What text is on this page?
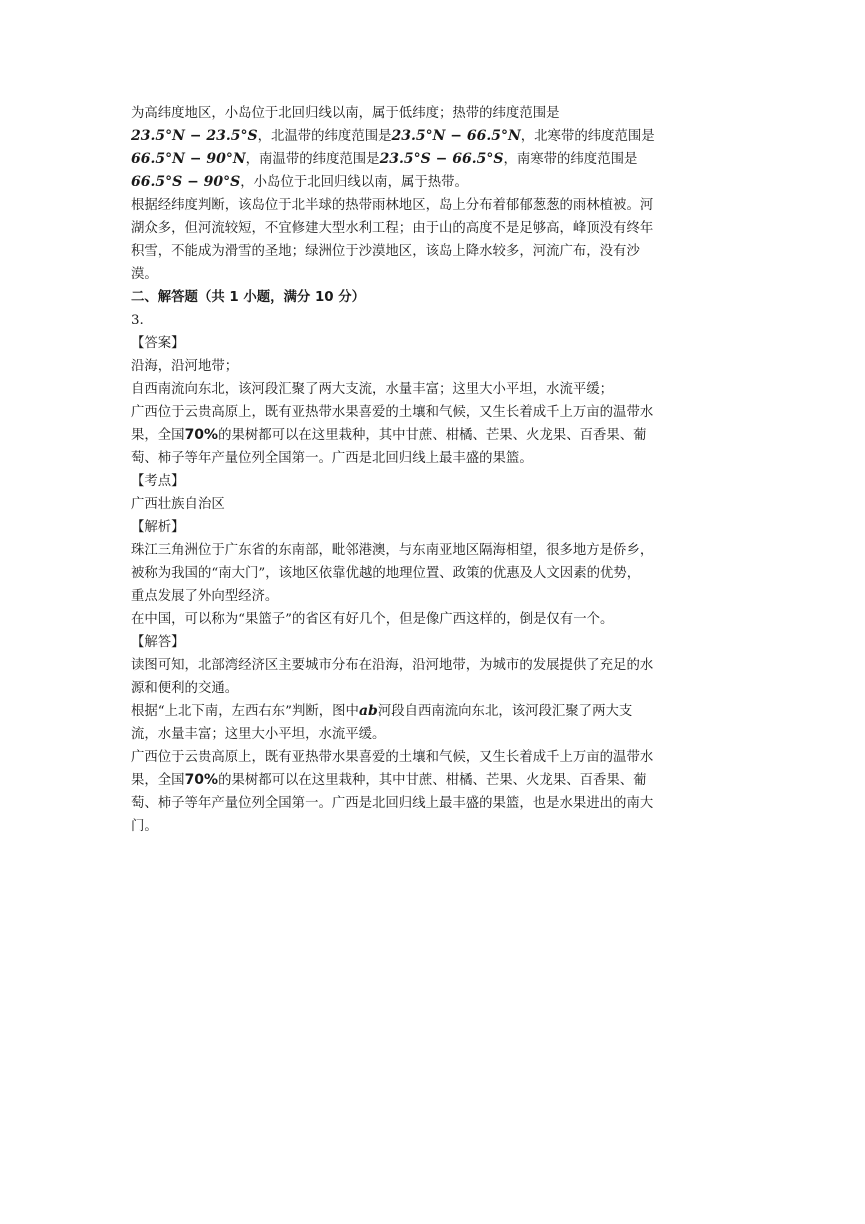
为高纬度地区，小岛位于北回归线以南，属于低纬度；热带的纬度范围是
23.5°N − 23.5°S，北温带的纬度范围是23.5°N − 66.5°N，北寒带的纬度范围是
66.5°N − 90°N，南温带的纬度范围是23.5°S − 66.5°S，南寒带的纬度范围是
66.5°S − 90°S，小岛位于北回归线以南，属于热带。
根据经纬度判断，该岛位于北半球的热带雨林地区，岛上分布着郁郁葱葱的雨林植被。河
湖众多，但河流较短，不宜修建大型水利工程；由于山的高度不是足够高，峰顶没有终年
积雪，不能成为滑雪的圣地；绿洲位于沙漠地区，该岛上降水较多，河流广布，没有沙
漠。
二、解答题（共 1 小题，满分 10 分）
3.
【答案】
沿海，沿河地带；
自西南流向东北，该河段汇聚了两大支流，水量丰富；这里大小平坦，水流平缓；
广西位于云贵高原上，既有亚热带水果喜爱的土壤和气候，又生长着成千上万亩的温带水
果，全国70%的果树都可以在这里栽种，其中甘蔗、柑橘、芒果、火龙果、百香果、葡
萄、柿子等年产量位列全国第一。广西是北回归线上最丰盛的果篮。
【考点】
广西壮族自治区
【解析】
珠江三角洲位于广东省的东南部，毗邻港澳，与东南亚地区隔海相望，很多地方是侨乡，
被称为我国的“南大门”，该地区依靠优越的地理位置、政策的优惠及人文因素的优势，
重点发展了外向型经济。
在中国，可以称为“果篮子”的省区有好几个，但是像广西这样的，倒是仅有一个。
【解答】
读图可知，北部湾经济区主要城市分布在沿海，沿河地带，为城市的发展提供了充足的水
源和便利的交通。
根据“上北下南，左西右东”判断，图中ab河段自西南流向东北，该河段汇聚了两大支
流，水量丰富；这里大小平坦，水流平缓。
广西位于云贵高原上，既有亚热带水果喜爱的土壤和气候，又生长着成千上万亩的温带水
果，全国70%的果树都可以在这里栽种，其中甘蔗、柑橘、芒果、火龙果、百香果、葡
萄、柿子等年产量位列全国第一。广西是北回归线上最丰盛的果篮，也是水果进出的南大
门。
